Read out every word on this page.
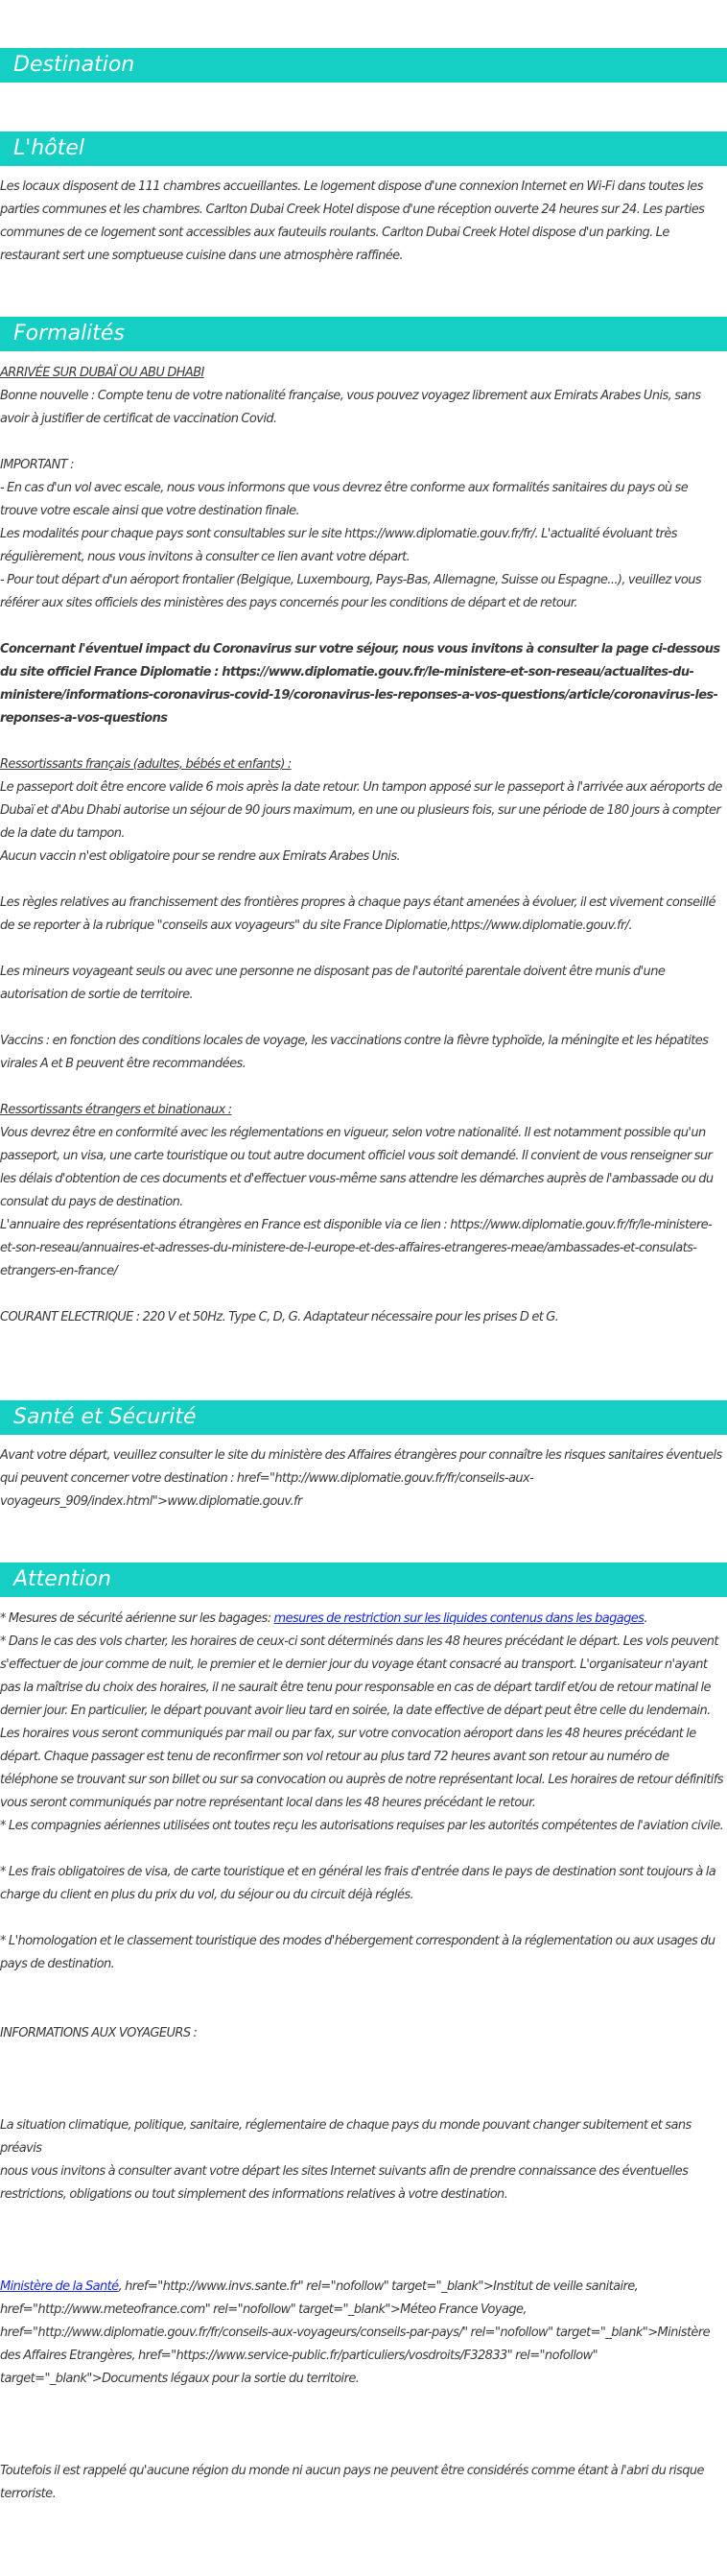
Destination
L'hôtel

Les locaux disposent de 111 chambres accueillantes. Le logement dispose d'une connexion Internet en Wi-Fi dans toutes les parties communes et les chambres. Carlton Dubai Creek Hotel dispose d'une réception ouverte 24 heures sur 24. Les parties communes de ce logement sont accessibles aux fauteuils roulants. Carlton Dubai Creek Hotel dispose d'un parking. Le restaurant sert une somptueuse cuisine dans une atmosphère raffinée.

Formalités

ARRIVÉE SUR DUBAÏ OU ABU DHABI

Bonne nouvelle : Compte tenu de votre nationalité française, vous pouvez voyagez librement aux Emirats Arabes Unis, sans avoir à justifier de certificat de vaccination Covid.

IMPORTANT :

- En cas d'un vol avec escale, nous vous informons que vous devrez être conforme aux formalités sanitaires du pays où se trouve votre escale ainsi que votre destination finale.

Les modalités pour chaque pays sont consultables sur le site https://www.diplomatie.gouv.fr/fr/. L'actualité évoluant très régulièrement, nous vous invitons à consulter ce lien avant votre départ.

- Pour tout départ d'un aéroport frontalier (Belgique, Luxembourg, Pays-Bas, Allemagne, Suisse ou Espagne...), veuillez vous référer aux sites officiels des ministères des pays concernés pour les conditions de départ et de retour.

Concernant l'éventuel impact du Coronavirus sur votre séjour, nous vous invitons à consulter la page ci-dessous du site officiel France Diplomatie : https://www.diplomatie.gouv.fr/le-ministere-et-son-reseau/actualites-du-ministere/informations-coronavirus-covid-19/coronavirus-les-reponses-a-vos-questions/article/coronavirus-les-reponses-a-vos-questions

Ressortissants français (adultes, bébés et enfants) :

Le passeport doit être encore valide 6 mois après la date retour. Un tampon apposé sur le passeport à l'arrivée aux aéroports de Dubaï et d'Abu Dhabi autorise un séjour de 90 jours maximum, en une ou plusieurs fois, sur une période de 180 jours à compter de la date du tampon.

Aucun vaccin n'est obligatoire pour se rendre aux Emirats Arabes Unis.

Les règles relatives au franchissement des frontières propres à chaque pays étant amenées à évoluer, il est vivement conseillé de se reporter à la rubrique "conseils aux voyageurs" du site France Diplomatie,https://www.diplomatie.gouv.fr/.

Les mineurs voyageant seuls ou avec une personne ne disposant pas de l'autorité parentale doivent être munis d'une autorisation de sortie de territoire.

Vaccins : en fonction des conditions locales de voyage, les vaccinations contre la fièvre typhoïde, la méningite et les hépatites virales A et B peuvent être recommandées.

Ressortissants étrangers et binationaux :

Vous devrez être en conformité avec les réglementations en vigueur, selon votre nationalité. Il est notamment possible qu'un passeport, un visa, une carte touristique ou tout autre document officiel vous soit demandé. Il convient de vous renseigner sur les délais d'obtention de ces documents et d'effectuer vous-même sans attendre les démarches auprès de l'ambassade ou du consulat du pays de destination.

L'annuaire des représentations étrangères en France est disponible via ce lien : https://www.diplomatie.gouv.fr/fr/le-ministere-et-son-reseau/annuaires-et-adresses-du-ministere-de-l-europe-et-des-affaires-etrangeres-meae/ambassades-et-consulats-etrangers-en-france/

COURANT ELECTRIQUE : 220 V et 50Hz. Type C, D, G. Adaptateur nécessaire pour les prises D et G.

Santé et Sécurité

Avant votre départ, veuillez consulter le site du ministère des Affaires étrangères pour connaître les risques sanitaires éventuels qui peuvent concerner votre destination : href="http://www.diplomatie.gouv.fr/fr/conseils-aux-voyageurs_909/index.html">www.diplomatie.gouv.fr

Attention

* Mesures de sécurité aérienne sur les bagages: mesures de restriction sur les liquides contenus dans les bagages.

* Dans le cas des vols charter, les horaires de ceux-ci sont déterminés dans les 48 heures précédant le départ. Les vols peuvent s'effectuer de jour comme de nuit, le premier et le dernier jour du voyage étant consacré au transport. L'organisateur n'ayant pas la maîtrise du choix des horaires, il ne saurait être tenu pour responsable en cas de départ tardif et/ou de retour matinal le dernier jour. En particulier, le départ pouvant avoir lieu tard en soirée, la date effective de départ peut être celle du lendemain. Les horaires vous seront communiqués par mail ou par fax, sur votre convocation aéroport dans les 48 heures précédant le départ. Chaque passager est tenu de reconfirmer son vol retour au plus tard 72 heures avant son retour au numéro de téléphone se trouvant sur son billet ou sur sa convocation ou auprès de notre représentant local. Les horaires de retour définitifs vous seront communiqués par notre représentant local dans les 48 heures précédant le retour.

* Les compagnies aériennes utilisées ont toutes reçu les autorisations requises par les autorités compétentes de l'aviation civile.

* Les frais obligatoires de visa, de carte touristique et en général les frais d'entrée dans le pays de destination sont toujours à la charge du client en plus du prix du vol, du séjour ou du circuit déjà réglés.

* L'homologation et le classement touristique des modes d'hébergement correspondent à la réglementation ou aux usages du pays de destination.

INFORMATIONS AUX VOYAGEURS :

La situation climatique, politique, sanitaire, réglementaire de chaque pays du monde pouvant changer subitement et sans préavis

nous vous invitons à consulter avant votre départ les sites Internet suivants afin de prendre connaissance des éventuelles restrictions, obligations ou tout simplement des informations relatives à votre destination.

Ministère de la Santé, href="http://www.invs.sante.fr" rel="nofollow" target="_blank">Institut de veille sanitaire, href="http://www.meteofrance.com" rel="nofollow" target="_blank">Méteo France Voyage, href="http://www.diplomatie.gouv.fr/fr/conseils-aux-voyageurs/conseils-par-pays/" rel="nofollow" target="_blank">Ministère des Affaires Etrangères, href="https://www.service-public.fr/particuliers/vosdroits/F32833" rel="nofollow" target="_blank">Documents légaux pour la sortie du territoire.

Toutefois il est rappelé qu'aucune région du monde ni aucun pays ne peuvent être considérés comme étant à l'abri du risque terroriste.
